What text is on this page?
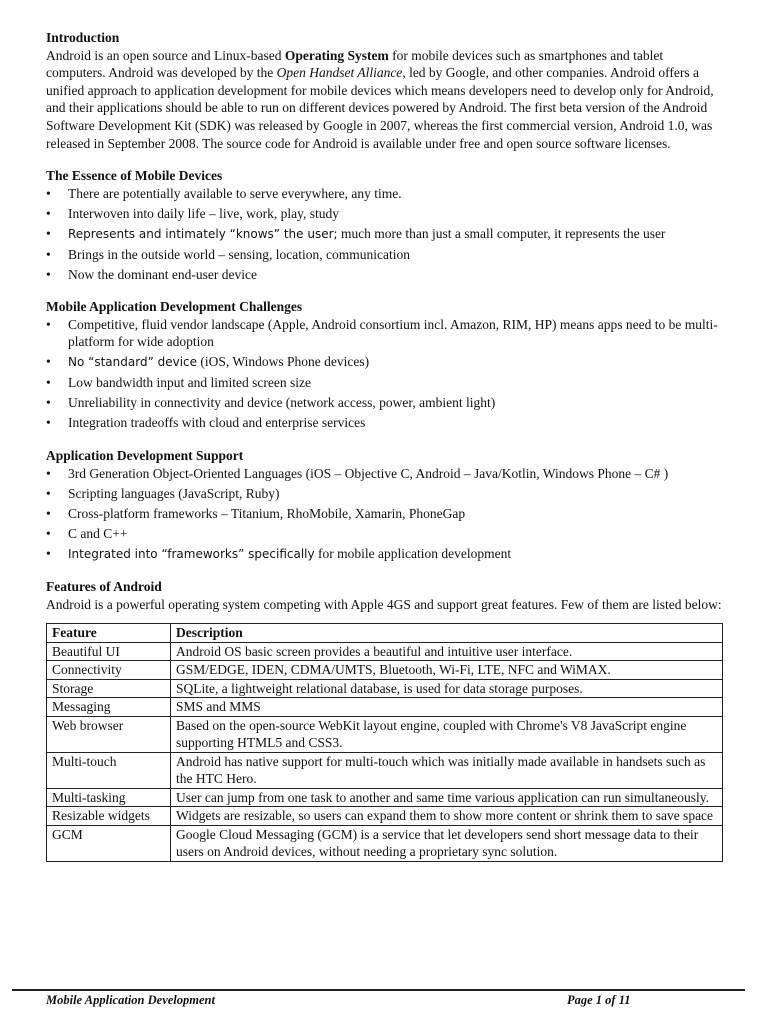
Introduction

Android is an open source and Linux-based Operating System for mobile devices such as smartphones and tablet computers. Android was developed by the Open Handset Alliance, led by Google, and other companies. Android offers a unified approach to application development for mobile devices which means developers need to develop only for Android, and their applications should be able to run on different devices powered by Android. The first beta version of the Android Software Development Kit (SDK) was released by Google in 2007, whereas the first commercial version, Android 1.0, was released in September 2008. The source code for Android is available under free and open source software licenses.

The Essence of Mobile Devices
• There are potentially available to serve everywhere, any time.
• Interwoven into daily life – live, work, play, study
• Represents and intimately “knows” the user; much more than just a small computer, it represents the user
• Brings in the outside world – sensing, location, communication
• Now the dominant end-user device
Mobile Application Development Challenges
• Competitive, fluid vendor landscape (Apple, Android consortium incl. Amazon, RIM, HP) means apps need to be multi-platform for wide adoption
• No “standard” device (iOS, Windows Phone devices)
• Low bandwidth input and limited screen size
• Unreliability in connectivity and device (network access, power, ambient light)
• Integration tradeoffs with cloud and enterprise services
Application Development Support
• 3rd Generation Object-Oriented Languages (iOS – Objective C, Android – Java/Kotlin, Windows Phone – C# )
• Scripting languages (JavaScript, Ruby)
• Cross-platform frameworks – Titanium, RhoMobile, Xamarin, PhoneGap
• C and C++
• Integrated into “frameworks” specifically for mobile application development
Features of Android

Android is a powerful operating system competing with Apple 4GS and support great features. Few of them are listed below:

Feature	Description
Beautiful UI	Android OS basic screen provides a beautiful and intuitive user interface.
Connectivity	GSM/EDGE, IDEN, CDMA/UMTS, Bluetooth, Wi-Fi, LTE, NFC and WiMAX.
Storage	SQLite, a lightweight relational database, is used for data storage purposes.
Messaging	SMS and MMS
Web browser	Based on the open-source WebKit layout engine, coupled with Chrome's V8 JavaScript engine supporting HTML5 and CSS3.
Multi-touch	Android has native support for multi-touch which was initially made available in handsets such as the HTC Hero.
Multi-tasking	User can jump from one task to another and same time various application can run simultaneously.
Resizable widgets	Widgets are resizable, so users can expand them to show more content or shrink them to save space
GCM	Google Cloud Messaging (GCM) is a service that let developers send short message data to their users on Android devices, without needing a proprietary sync solution.
Mobile Application Development	Page 1 of 11
